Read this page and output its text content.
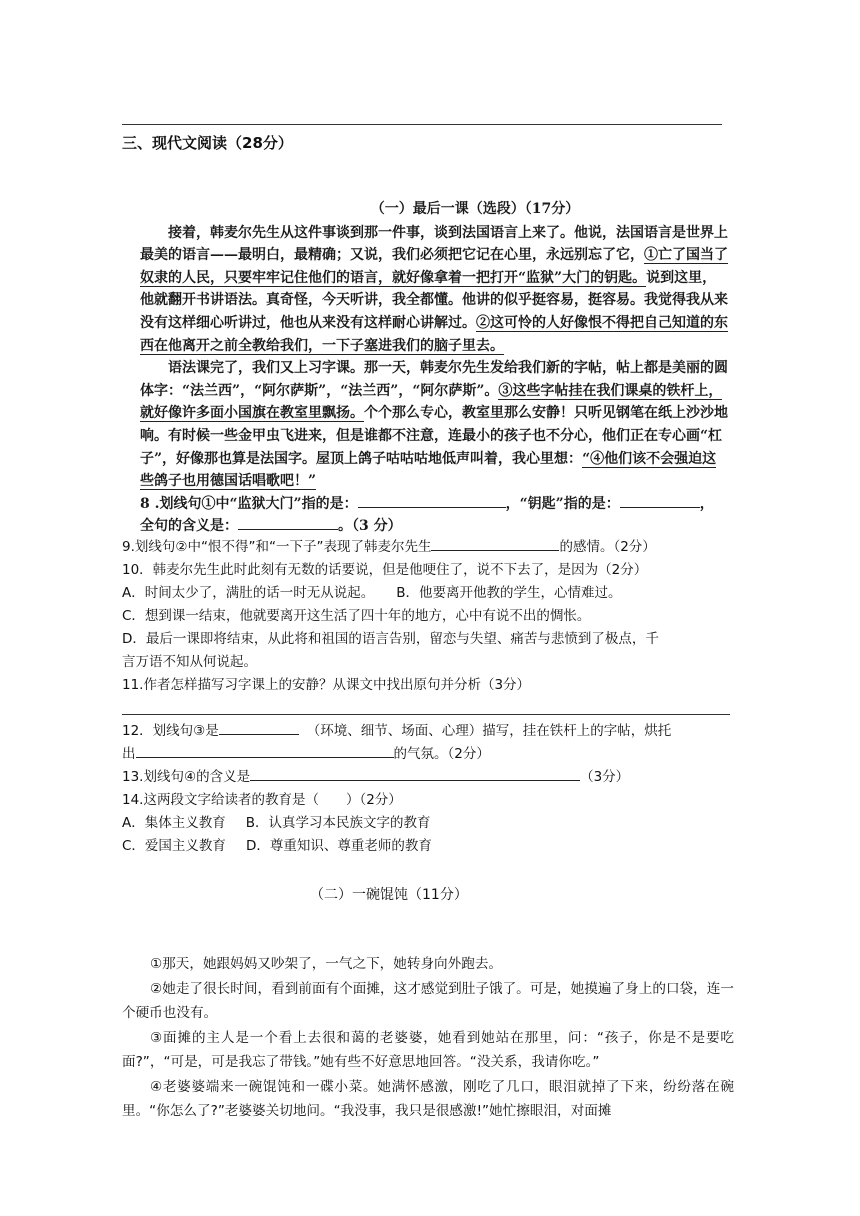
三、现代文阅读（28分）

（一）最后一课（选段）（17分）

接着，韩麦尔先生从这件事谈到那一件事，谈到法国语言上来了。他说，法国语言是世界上最美的语言——最明白，最精确；又说，我们必须把它记在心里，永远别忘了它，①亡了国当了奴隶的人民，只要牢牢记住他们的语言，就好像拿着一把打开“监狱”大门的钥匙。说到这里，他就翻开书讲语法。真奇怪，今天听讲，我全都懂。他讲的似乎挺容易，挺容易。我觉得我从来没有这样细心听讲过，他也从来没有这样耐心讲解过。②这可怜的人好像恨不得把自己知道的东西在他离开之前全教给我们，一下子塞进我们的脑子里去。

语法课完了，我们又上习字课。那一天，韩麦尔先生发给我们新的字帖，帖上都是美丽的圆体字：“法兰西”，“阿尔萨斯”，“法兰西”，“阿尔萨斯”。③这些字帖挂在我们课桌的铁杆上，就好像许多面小国旗在教室里飘扬。个个那么专心，教室里那么安静！只听见钢笔在纸上沙沙地响。有时候一些金甲虫飞进来，但是谁都不注意，连最小的孩子也不分心，他们正在专心画“杠子”，好像那也算是法国字。屋顶上鸽子咕咕咕地低声叫着，我心里想：“④他们该不会强迫这些鸽子也用德国话唱歌吧！”

8 .划线句①中“监狱大门”指的是：	，“钥匙”指的是：	，
全句的含义是：	。（3 分）
9.划线句②中“恨不得”和“一下子”表现了韩麦尔先生	的感情。（2分）
10．韩麦尔先生此时此刻有无数的话要说，但是他哽住了，说不下去了，是因为（2分）
A．时间太少了，满肚的话一时无从说起。 B．他要离开他教的学生，心情难过。
C．想到课一结束，他就要离开这生活了四十年的地方，心中有说不出的惆怅。
D．最后一课即将结束，从此将和祖国的语言告别，留恋与失望、痛苦与悲愤到了极点，千
言万语不知从何说起。
11.作者怎样描写习字课上的安静？从课文中找出原句并分析（3分）
12．划线句③是	（环境、细节、场面、心理）描写，挂在铁杆上的字帖，烘托
出	的气氛。（2分）
13.划线句④的含义是	（3分）
14.这两段文字给读者的教育是（　　）（2分）
A．集体主义教育 B．认真学习本民族文字的教育
C．爱国主义教育 D．尊重知识、尊重老师的教育
（二）一碗馄饨（11分）

①那天，她跟妈妈又吵架了，一气之下，她转身向外跑去。

②她走了很长时间，看到前面有个面摊，这才感觉到肚子饿了。可是，她摸遍了身上的口袋，连一个硬币也没有。

③面摊的主人是一个看上去很和蔼的老婆婆，她看到她站在那里，问：“孩子，你是不是要吃面?”，“可是，可是我忘了带钱。”她有些不好意思地回答。“没关系，我请你吃。”

④老婆婆端来一碗馄饨和一碟小菜。她满怀感激，刚吃了几口，眼泪就掉了下来，纷纷落在碗里。“你怎么了?”老婆婆关切地问。“我没事，我只是很感激!”她忙擦眼泪，对面摊
